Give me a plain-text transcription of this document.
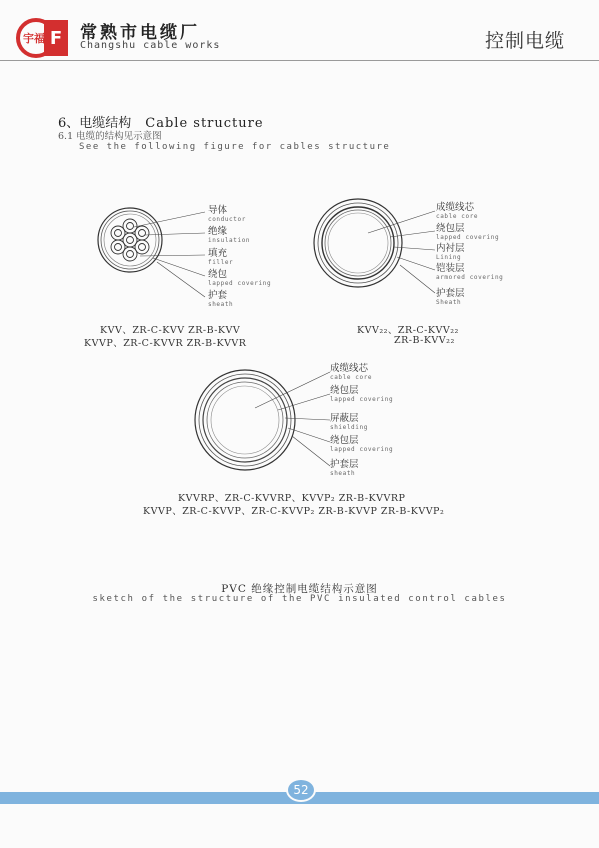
F
宇福 常熟市电缆厂
Changshu cable works	控制电缆
6、电缆结构 Cable structure
6.1 电缆的结构见示意图
See the following figure for cables structure
导体
conductor
绝缘
insulation
填充
filler
绕包
lapped covering
护套
sheath
KVV、ZR-C-KVV ZR-B-KVV
KVVP、ZR-C-KVVR ZR-B-KVVR
成缆线芯
cable core
绕包层
lapped covering
内衬层
Lining
铠装层
armored covering
护套层
Sheath
KVV₂₂、ZR-C-KVV₂₂
ZR-B-KVV₂₂
成缆线芯
cable core
绕包层
lapped covering
屏蔽层
shielding
绕包层
lapped covering
护套层
sheath
KVVRP、ZR-C-KVVRP、KVVP₂ ZR-B-KVVRP
KVVP、ZR-C-KVVP、ZR-C-KVVP₂ ZR-B-KVVP ZR-B-KVVP₂
PVC 绝缘控制电缆结构示意图
sketch of the structure of the PVC insulated control cables
52
